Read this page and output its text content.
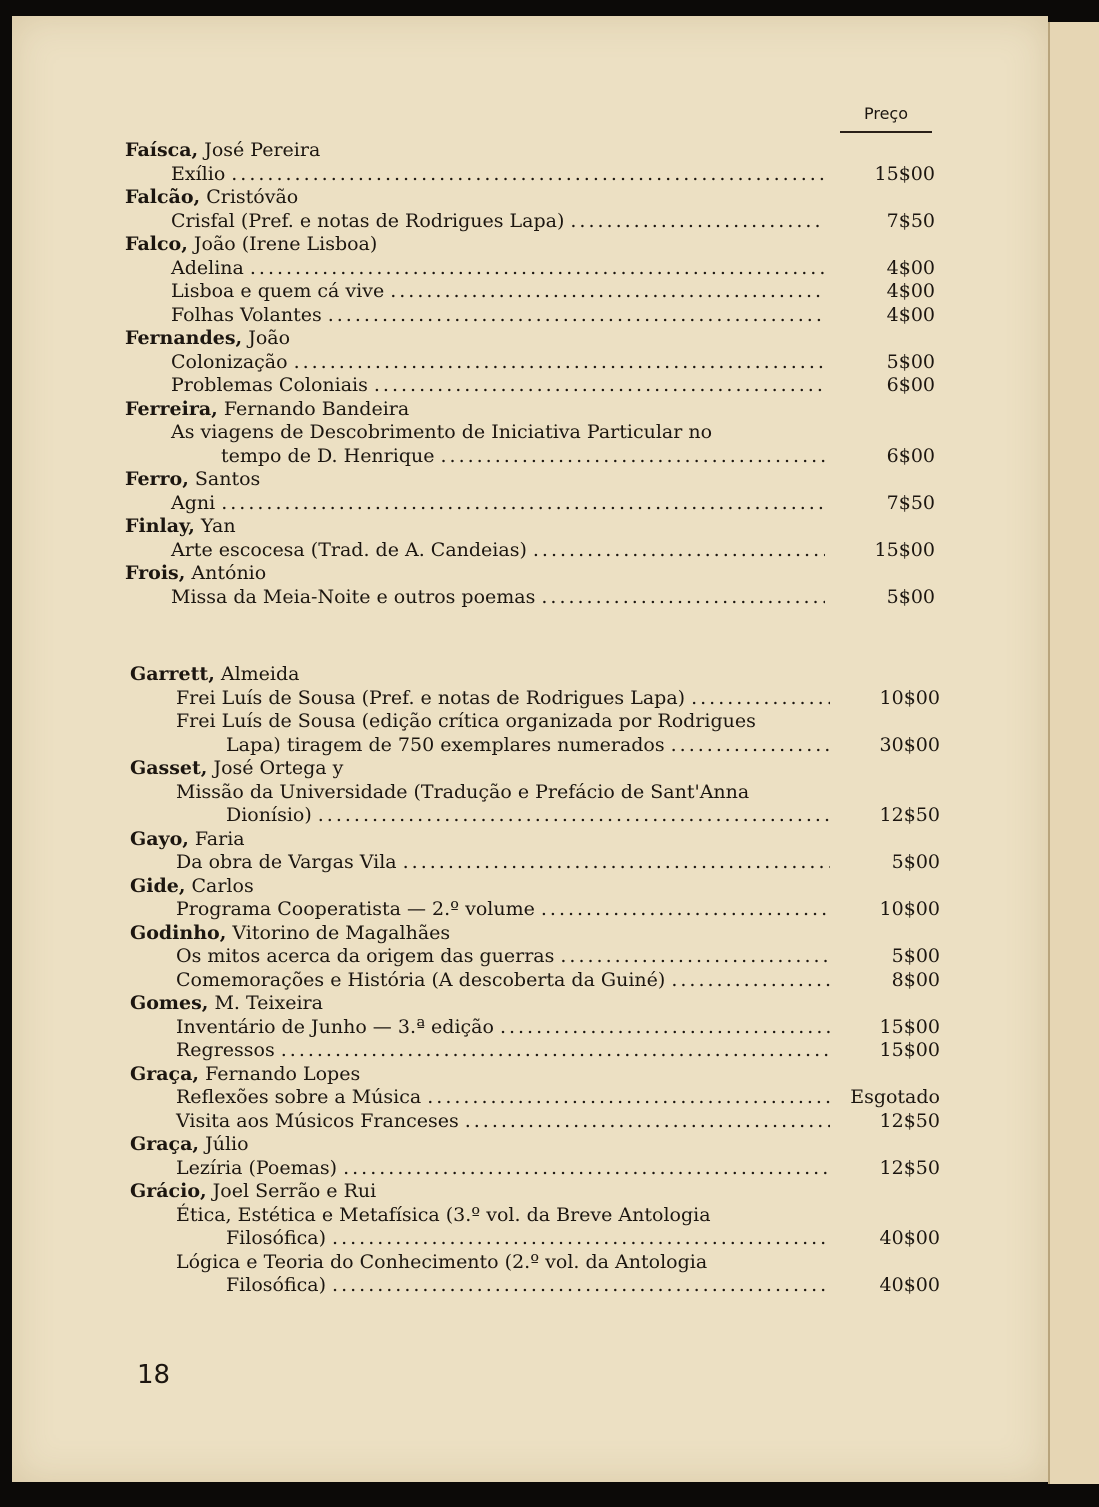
Preço
Faísca, José Pereira
Exílio .....	15$00
Falcão, Cristóvão
Crisfal (Pref. e notas de Rodrigues Lapa) .....	7$50
Falco, João (Irene Lisboa)
Adelina .....	4$00
Lisboa e quem cá vive .....	4$00
Folhas Volantes .....	4$00
Fernandes, João
Colonização .....	5$00
Problemas Coloniais .....	6$00
Ferreira, Fernando Bandeira
As viagens de Descobrimento de Iniciativa Particular no
tempo de D. Henrique .....	6$00
Ferro, Santos
Agni .....	7$50
Finlay, Yan
Arte escocesa (Trad. de A. Candeias) .....	15$00
Frois, António
Missa da Meia-Noite e outros poemas .....	5$00
Garrett, Almeida
Frei Luís de Sousa (Pref. e notas de Rodrigues Lapa) .....	10$00
Frei Luís de Sousa (edição crítica organizada por Rodrigues
Lapa) tiragem de 750 exemplares numerados .....	30$00
Gasset, José Ortega y
Missão da Universidade (Tradução e Prefácio de Sant'Anna
Dionísio) .....	12$50
Gayo, Faria
Da obra de Vargas Vila .....	5$00
Gide, Carlos
Programa Cooperatista — 2.º volume .....	10$00
Godinho, Vitorino de Magalhães
Os mitos acerca da origem das guerras .....	5$00
Comemorações e História (A descoberta da Guiné) .....	8$00
Gomes, M. Teixeira
Inventário de Junho — 3.ª edição .....	15$00
Regressos .....	15$00
Graça, Fernando Lopes
Reflexões sobre a Música .....	Esgotado
Visita aos Músicos Franceses .....	12$50
Graça, Júlio
Lezíria (Poemas) .....	12$50
Grácio, Joel Serrão e Rui
Ética, Estética e Metafísica (3.º vol. da Breve Antologia
Filosófica) .....	40$00
Lógica e Teoria do Conhecimento (2.º vol. da Antologia
Filosófica) .....	40$00
18
